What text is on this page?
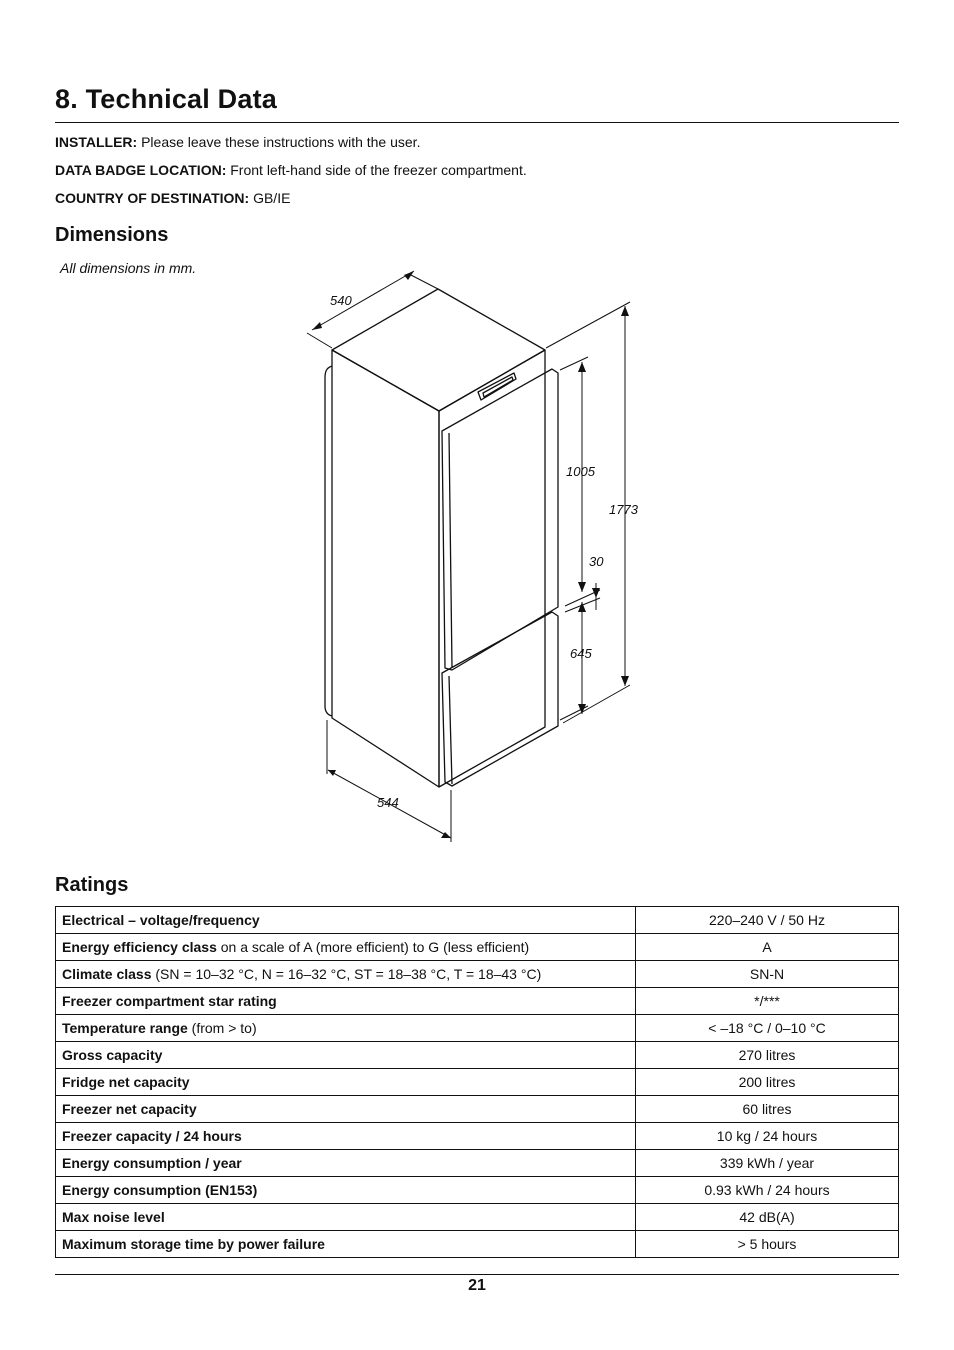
8. Technical Data
INSTALLER: Please leave these instructions with the user.
DATA BADGE LOCATION: Front left-hand side of the freezer compartment.
COUNTRY OF DESTINATION: GB/IE
Dimensions
All dimensions in mm.
540
1005
1773
30
645
544
Ratings
Electrical – voltage/frequency	220–240 V / 50 Hz
Energy efficiency class on a scale of A (more efficient) to G (less efficient)	A
Climate class (SN = 10–32 °C, N = 16–32 °C, ST = 18–38 °C, T = 18–43 °C)	SN-N
Freezer compartment star rating	*/***
Temperature range (from > to)	< –18 °C / 0–10 °C
Gross capacity	270 litres
Fridge net capacity	200 litres
Freezer net capacity	60 litres
Freezer capacity / 24 hours	10 kg / 24 hours
Energy consumption / year	339 kWh / year
Energy consumption (EN153)	0.93 kWh / 24 hours
Max noise level	42 dB(A)
Maximum storage time by power failure	> 5 hours
21
